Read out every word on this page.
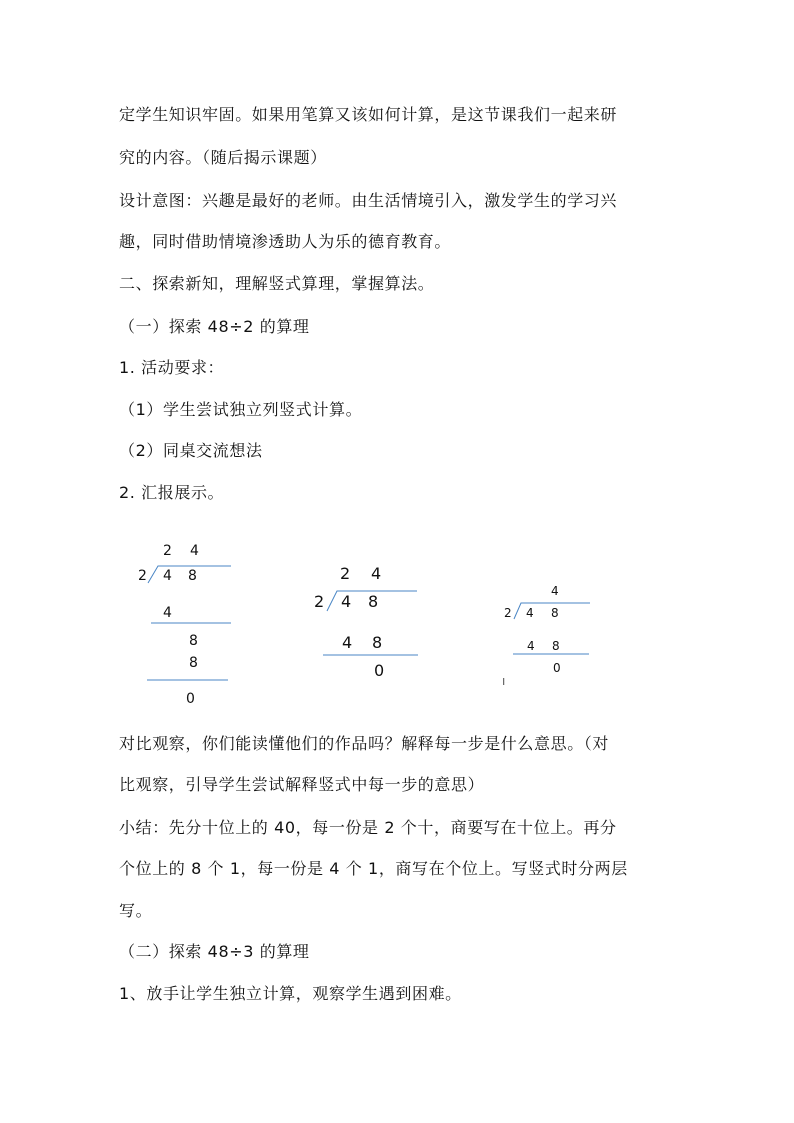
定学生知识牢固。如果用笔算又该如何计算，是这节课我们一起来研
究的内容。（随后揭示课题）
设计意图：兴趣是最好的老师。由生活情境引入，激发学生的学习兴
趣，同时借助情境渗透助人为乐的德育教育。
二、探索新知，理解竖式算理，掌握算法。
（一）探索 48÷2 的算理
1. 活动要求：
（1）学生尝试独立列竖式计算。
（2）同桌交流想法
2. 汇报展示。
2 4
2 4 8
4
8
8
0
2 4
2 4 8
4 8
0
4
2 4 8
4 8
0
ı
对比观察，你们能读懂他们的作品吗？解释每一步是什么意思。（对
比观察，引导学生尝试解释竖式中每一步的意思）
小结：先分十位上的 40，每一份是 2 个十，商要写在十位上。再分
个位上的 8 个 1，每一份是 4 个 1，商写在个位上。写竖式时分两层
写。
（二）探索 48÷3 的算理
1、放手让学生独立计算，观察学生遇到困难。
